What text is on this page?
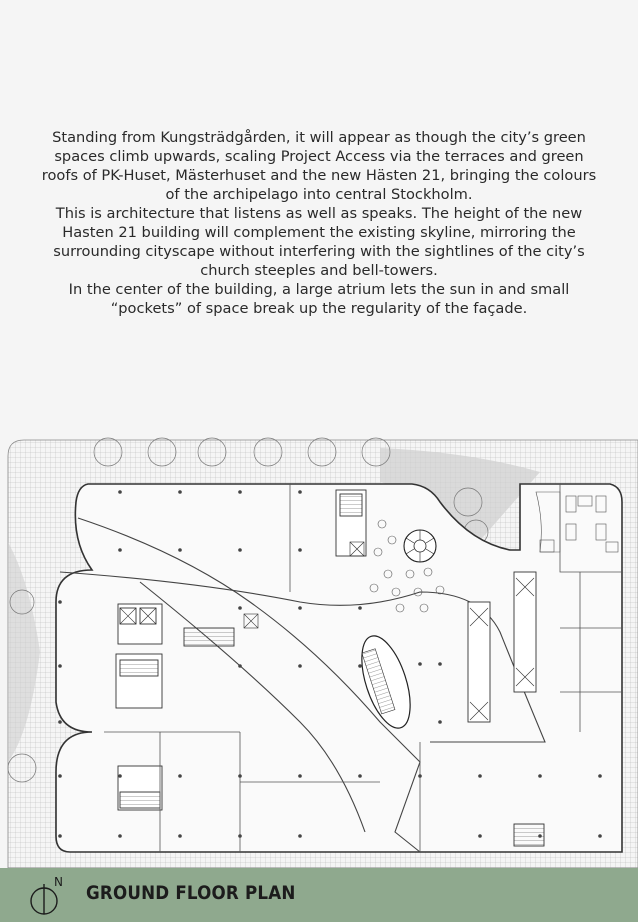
Standing from Kungsträdgården, it will appear as though the city’s green spaces climb upwards, scaling Project Access via the terraces and green roofs of PK-Huset, Mästerhuset and the new Hästen 21, bringing the colours of the archipelago into central Stockholm.

This is architecture that listens as well as speaks. The height of the new Hasten 21 building will complement the existing skyline, mirroring the surrounding cityscape without interfering with the sightlines of the city’s church steeples and bell-towers.

In the center of the building, a large atrium lets the sun in and small “pockets” of space break up the regularity of the façade.

N GROUND FLOOR PLAN
